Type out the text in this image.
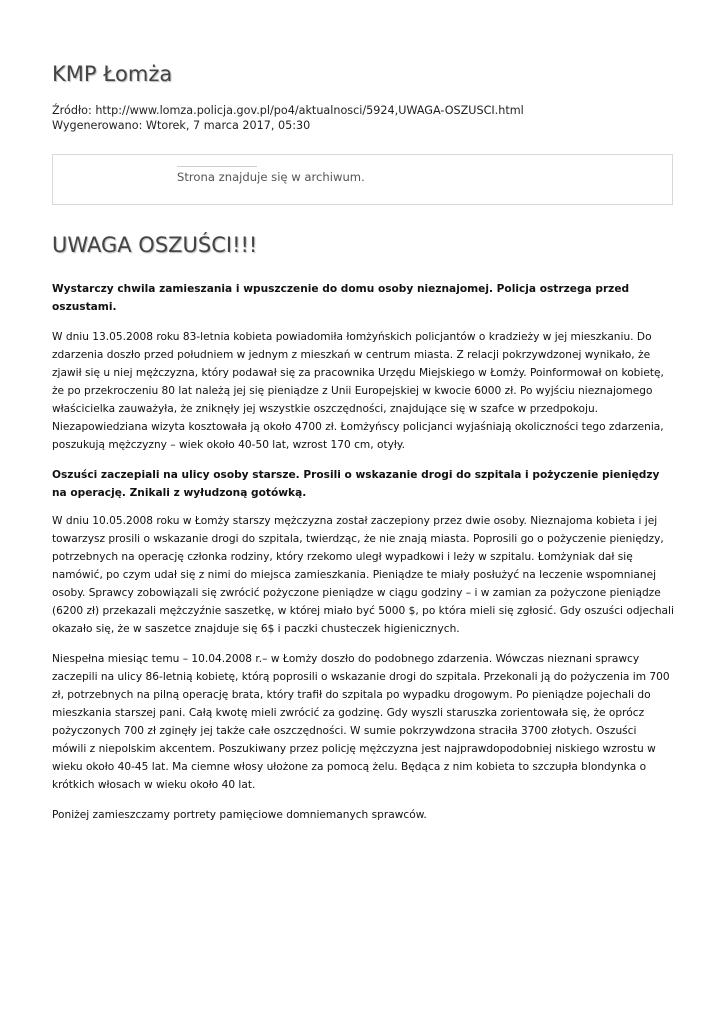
KMP Łomża
Źródło: http://www.lomza.policja.gov.pl/po4/aktualnosci/5924,UWAGA-OSZUSCI.html
Wygenerowano: Wtorek, 7 marca 2017, 05:30
Strona znajduje się w archiwum.
UWAGA OSZUŚCI!!!

Wystarczy chwila zamieszania i wpuszczenie do domu osoby nieznajomej. Policja ostrzega przed oszustami.

W dniu 13.05.2008 roku 83-letnia kobieta powiadomiła łomżyńskich policjantów o kradzieży w jej mieszkaniu. Do zdarzenia doszło przed południem w jednym z mieszkań w centrum miasta. Z relacji pokrzywdzonej wynikało, że zjawił się u niej mężczyzna, który podawał się za pracownika Urzędu Miejskiego w Łomży. Poinformował on kobietę, że po przekroczeniu 80 lat należą jej się pieniądze z Unii Europejskiej w kwocie 6000 zł. Po wyjściu nieznajomego właścicielka zauważyła, że zniknęły jej wszystkie oszczędności, znajdujące się w szafce w przedpokoju. Niezapowiedziana wizyta kosztowała ją około 4700 zł. Łomżyńscy policjanci wyjaśniają okoliczności tego zdarzenia, poszukują mężczyzny – wiek około 40-50 lat, wzrost 170 cm, otyły.

Oszuści zaczepiali na ulicy osoby starsze. Prosili o wskazanie drogi do szpitala i pożyczenie pieniędzy na operację. Znikali z wyłudzoną gotówką.

W dniu 10.05.2008 roku w Łomży starszy mężczyzna został zaczepiony przez dwie osoby. Nieznajoma kobieta i jej towarzysz prosili o wskazanie drogi do szpitala, twierdząc, że nie znają miasta. Poprosili go o pożyczenie pieniędzy, potrzebnych na operację członka rodziny, który rzekomo uległ wypadkowi i leży w szpitalu. Łomżyniak dał się namówić, po czym udał się z nimi do miejsca zamieszkania. Pieniądze te miały posłużyć na leczenie wspomnianej osoby. Sprawcy zobowiązali się zwrócić pożyczone pieniądze w ciągu godziny – i w zamian za pożyczone pieniądze (6200 zł) przekazali mężczyźnie saszetkę, w której miało być 5000 $, po która mieli się zgłosić. Gdy oszuści odjechali okazało się, że w saszetce znajduje się 6$ i paczki chusteczek higienicznych.

Niespełna miesiąc temu – 10.04.2008 r.– w Łomży doszło do podobnego zdarzenia. Wówczas nieznani sprawcy zaczepili na ulicy 86-letnią kobietę, którą poprosili o wskazanie drogi do szpitala. Przekonali ją do pożyczenia im 700 zł, potrzebnych na pilną operację brata, który trafił do szpitala po wypadku drogowym. Po pieniądze pojechali do mieszkania starszej pani. Całą kwotę mieli zwrócić za godzinę. Gdy wyszli staruszka zorientowała się, że oprócz pożyczonych 700 zł zginęły jej także całe oszczędności. W sumie pokrzywdzona straciła 3700 złotych. Oszuści mówili z niepolskim akcentem. Poszukiwany przez policję mężczyzna jest najprawdopodobniej niskiego wzrostu w wieku około 40-45 lat. Ma ciemne włosy ułożone za pomocą żelu. Będąca z nim kobieta to szczupła blondynka o krótkich włosach w wieku około 40 lat.

Poniżej zamieszczamy portrety pamięciowe domniemanych sprawców.
